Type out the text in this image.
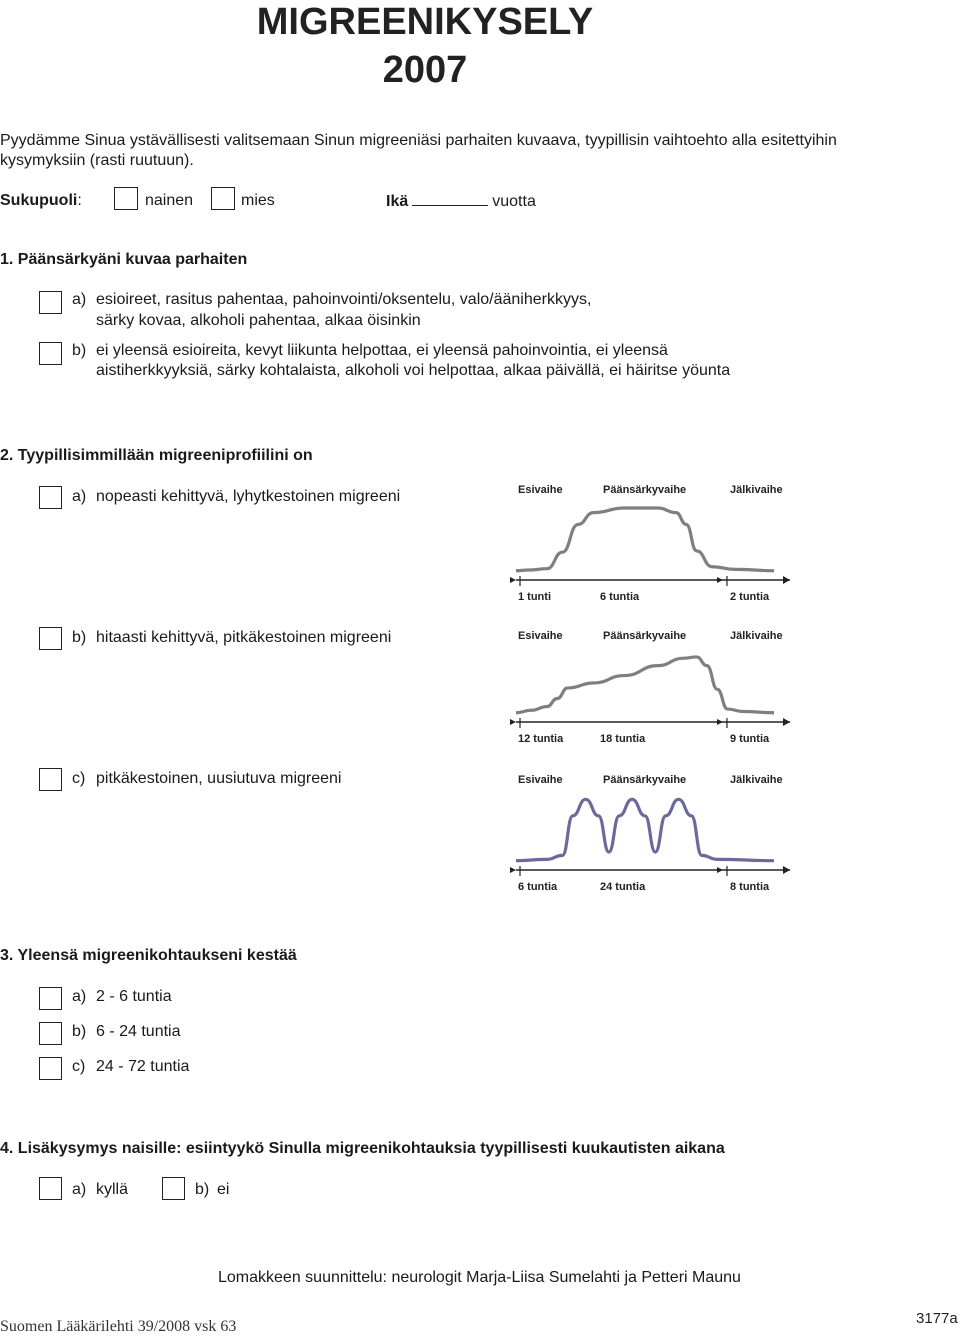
MIGREENIKYSELY
2007
Pyydämme Sinua ystävällisesti valitsemaan Sinun migreeniäsi parhaiten kuvaava, tyypillisin vaihtoehto alla esitettyihin kysymyksiin (rasti ruutuun).
Sukupuoli:	nainen	mies	Ikä	vuotta
1. Päänsärkyäni kuvaa parhaiten
a) esioireet, rasitus pahentaa, pahoinvointi/oksentelu, valo/ääniherkkyys,
särky kovaa, alkoholi pahentaa, alkaa öisinkin
b) ei yleensä esioireita, kevyt liikunta helpottaa, ei yleensä pahoinvointia, ei yleensä
aistiherkkyyksiä, särky kohtalaista, alkoholi voi helpottaa, alkaa päivällä, ei häiritse yöunta
2. Tyypillisimmillään migreeniprofiilini on
a) nopeasti kehittyvä, lyhytkestoinen migreeni
b) hitaasti kehittyvä, pitkäkestoinen migreeni
c) pitkäkestoinen, uusiutuva migreeni
Esivaihe	Päänsärkyvaihe	Jälkivaihe
1 tunti	6 tuntia	2 tuntia
Esivaihe	Päänsärkyvaihe	Jälkivaihe
12 tuntia	18 tuntia	9 tuntia
Esivaihe	Päänsärkyvaihe	Jälkivaihe
6 tuntia	24 tuntia	8 tuntia
3. Yleensä migreenikohtaukseni kestää
a) 2 - 6 tuntia
b) 6 - 24 tuntia
c) 24 - 72 tuntia
4. Lisäkysymys naisille: esiintyykö Sinulla migreenikohtauksia tyypillisesti kuukautisten aikana
a) kyllä	b) ei
Lomakkeen suunnittelu: neurologit Marja-Liisa Sumelahti ja Petteri Maunu
Suomen Lääkärilehti 39/2008 vsk 63	3177a
